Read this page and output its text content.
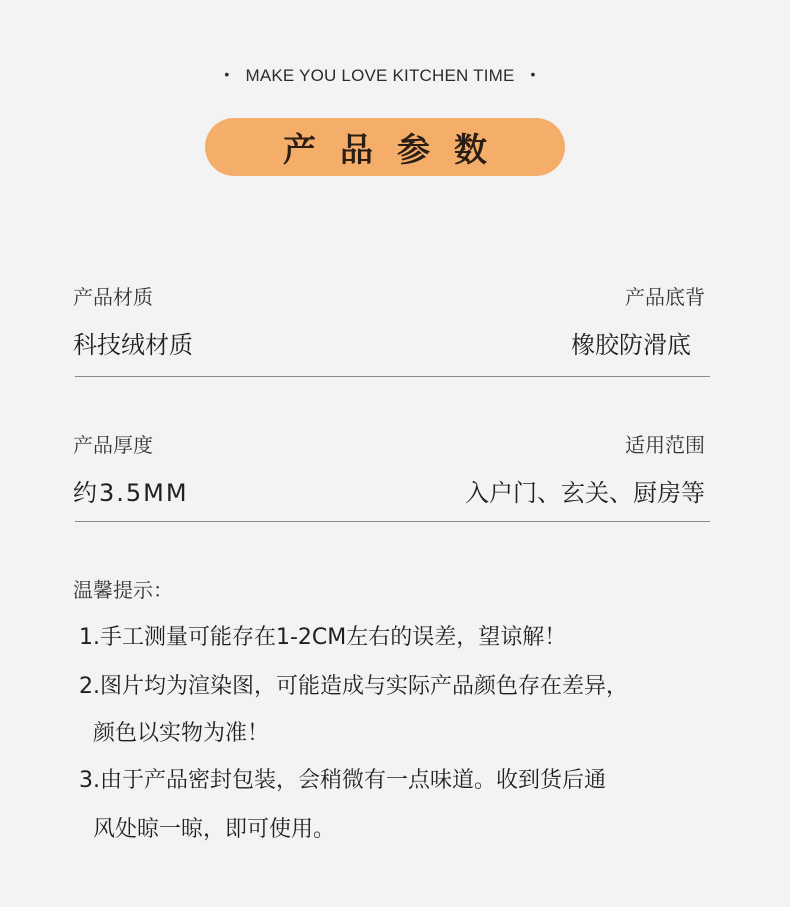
• MAKE YOU LOVE KITCHEN TIME •
产品参数
产品材质
科技绒材质
产品底背
橡胶防滑底
产品厚度
约3.5MM
适用范围
入户门、玄关、厨房等
温馨提示：
1.手工测量可能存在1-2CM左右的误差，望谅解！
2.图片均为渲染图，可能造成与实际产品颜色存在差异，
颜色以实物为准！
3.由于产品密封包装，会稍微有一点味道。收到货后通
风处晾一晾，即可使用。
